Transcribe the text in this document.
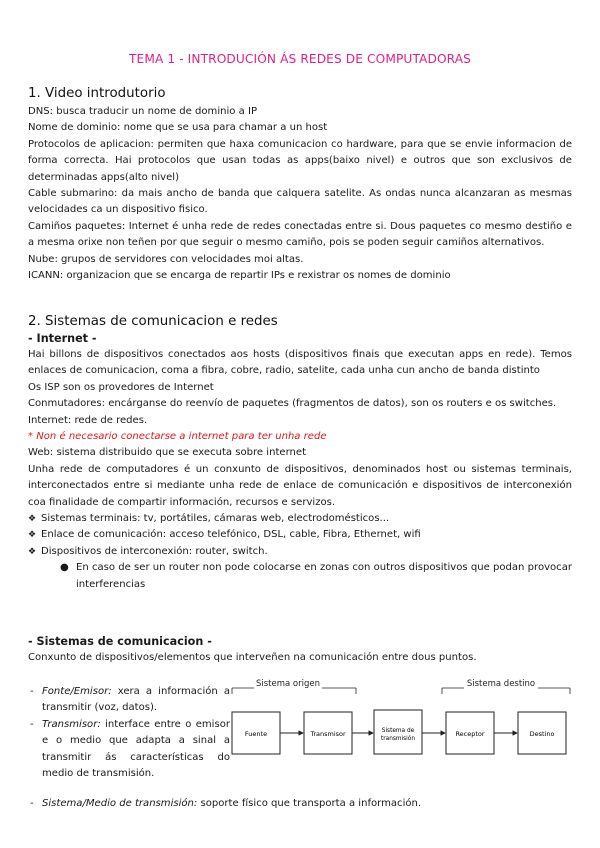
TEMA 1 - INTRODUCIÓN ÁS REDES DE COMPUTADORAS
1. Video introdutorio

DNS: busca traducir un nome de dominio a IP

Nome de dominio: nome que se usa para chamar a un host

Protocolos de aplicacion: permiten que haxa comunicacion co hardware, para que se envie informacion de forma correcta. Hai protocolos que usan todas as apps(baixo nivel) e outros que son exclusivos de determinadas apps(alto nivel)

Cable submarino: da mais ancho de banda que calquera satelite. As ondas nunca alcanzaran as mesmas velocidades ca un dispositivo fisico.

Camiños paquetes: Internet é unha rede de redes conectadas entre si. Dous paquetes co mesmo destiño e a mesma orixe non teñen por que seguir o mesmo camiño, pois se poden seguir camiños alternativos.

Nube: grupos de servidores con velocidades moi altas.

ICANN: organizacion que se encarga de repartir IPs e rexistrar os nomes de dominio

2. Sistemas de comunicacion e redes

- Internet -

Hai billons de dispositivos conectados aos hosts (dispositivos finais que executan apps en rede). Temos enlaces de comunicacion, coma a fibra, cobre, radio, satelite, cada unha cun ancho de banda distinto

Os ISP son os provedores de Internet

Conmutadores: encárganse do reenvío de paquetes (fragmentos de datos), son os routers e os switches.

Internet: rede de redes.

* Non é necesario conectarse a internet para ter unha rede

Web: sistema distribuido que se executa sobre internet

Unha rede de computadores é un conxunto de dispositivos, denominados host ou sistemas terminais, interconectados entre si mediante unha rede de enlace de comunicación e dispositivos de interconexión coa finalidade de compartir información, recursos e servizos.

❖ Sistemas terminais: tv, portátiles, cámaras web, electrodomésticos...

❖ Enlace de comunicación: acceso telefónico, DSL, cable, Fibra, Ethernet, wifi

❖ Dispositivos de interconexión: router, switch.

● En caso de ser un router non pode colocarse en zonas con outros dispositivos que podan provocar interferencias

- Sistemas de comunicacion -

Conxunto de dispositivos/elementos que interveñen na comunicación entre dous puntos.

- Fonte/Emisor: xera a información a transmitir (voz, datos).

- Transmisor: interface entre o emisor e o medio que adapta a sinal a transmitir ás características do medio de transmisión.

- Sistema/Medio de transmisión: soporte físico que transporta a información.

Sistema origen	Sistema destino
Fuente	Transmisor	Sistema de transmisión
Receptor	Destino
